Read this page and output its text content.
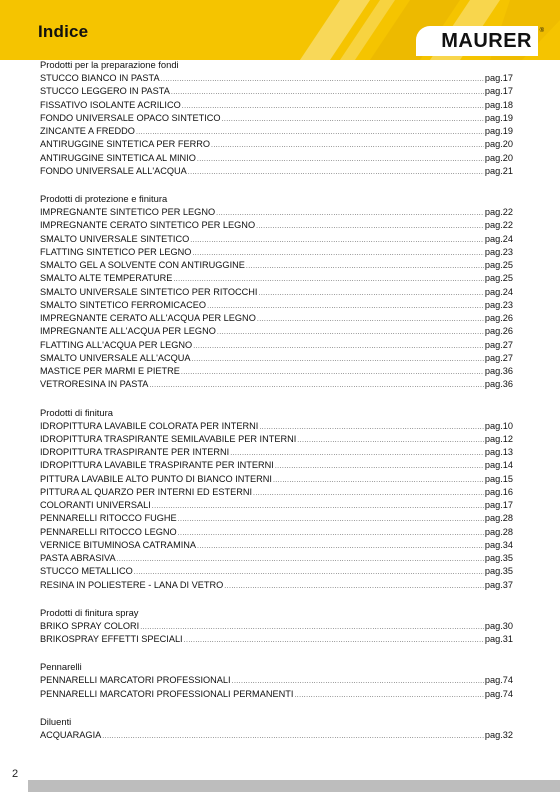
Indice	MAURER ®
Prodotti per la preparazione fondi
STUCCO BIANCO IN PASTA .....	pag.17
STUCCO LEGGERO IN PASTA .....	pag.17
FISSATIVO ISOLANTE ACRILICO .....	pag.18
FONDO UNIVERSALE OPACO SINTETICO .....	pag.19
ZINCANTE A FREDDO .....	pag.19
ANTIRUGGINE SINTETICA PER FERRO .....	pag.20
ANTIRUGGINE SINTETICA AL MINIO .....	pag.20
FONDO UNIVERSALE ALL'ACQUA .....	pag.21
Prodotti di protezione e finitura
IMPREGNANTE SINTETICO PER LEGNO .....	pag.22
IMPREGNANTE CERATO SINTETICO PER LEGNO .....	pag.22
SMALTO UNIVERSALE SINTETICO .....	pag.24
FLATTING SINTETICO PER LEGNO .....	pag.23
SMALTO GEL A SOLVENTE CON ANTIRUGGINE .....	pag.25
SMALTO ALTE TEMPERATURE .....	pag.25
SMALTO UNIVERSALE SINTETICO PER RITOCCHI .....	pag.24
SMALTO SINTETICO FERROMICACEO .....	pag.23
IMPREGNANTE CERATO ALL'ACQUA PER LEGNO .....	pag.26
IMPREGNANTE ALL'ACQUA PER LEGNO .....	pag.26
FLATTING ALL'ACQUA PER LEGNO .....	pag.27
SMALTO UNIVERSALE ALL'ACQUA .....	pag.27
MASTICE PER MARMI E PIETRE .....	pag.36
VETRORESINA IN PASTA .....	pag.36
Prodotti di finitura
IDROPITTURA LAVABILE COLORATA PER INTERNI .....	pag.10
IDROPITTURA TRASPIRANTE SEMILAVABILE PER INTERNI .....	pag.12
IDROPITTURA TRASPIRANTE PER INTERNI .....	pag.13
IDROPITTURA LAVABILE TRASPIRANTE PER INTERNI .....	pag.14
PITTURA LAVABILE ALTO PUNTO DI BIANCO INTERNI .....	pag.15
PITTURA AL QUARZO PER INTERNI ED ESTERNI .....	pag.16
COLORANTI UNIVERSALI .....	pag.17
PENNARELLI RITOCCO FUGHE .....	pag.28
PENNARELLI RITOCCO LEGNO .....	pag.28
VERNICE BITUMINOSA CATRAMINA .....	pag.34
PASTA ABRASIVA .....	pag.35
STUCCO METALLICO .....	pag.35
RESINA IN POLIESTERE - LANA DI VETRO .....	pag.37
Prodotti di finitura spray
BRIKO SPRAY COLORI .....	pag.30
BRIKOSPRAY EFFETTI SPECIALI .....	pag.31
Pennarelli
PENNARELLI MARCATORI PROFESSIONALI .....	pag.74
PENNARELLI MARCATORI PROFESSIONALI PERMANENTI .....	pag.74
Diluenti
ACQUARAGIA .....	pag.32
2
